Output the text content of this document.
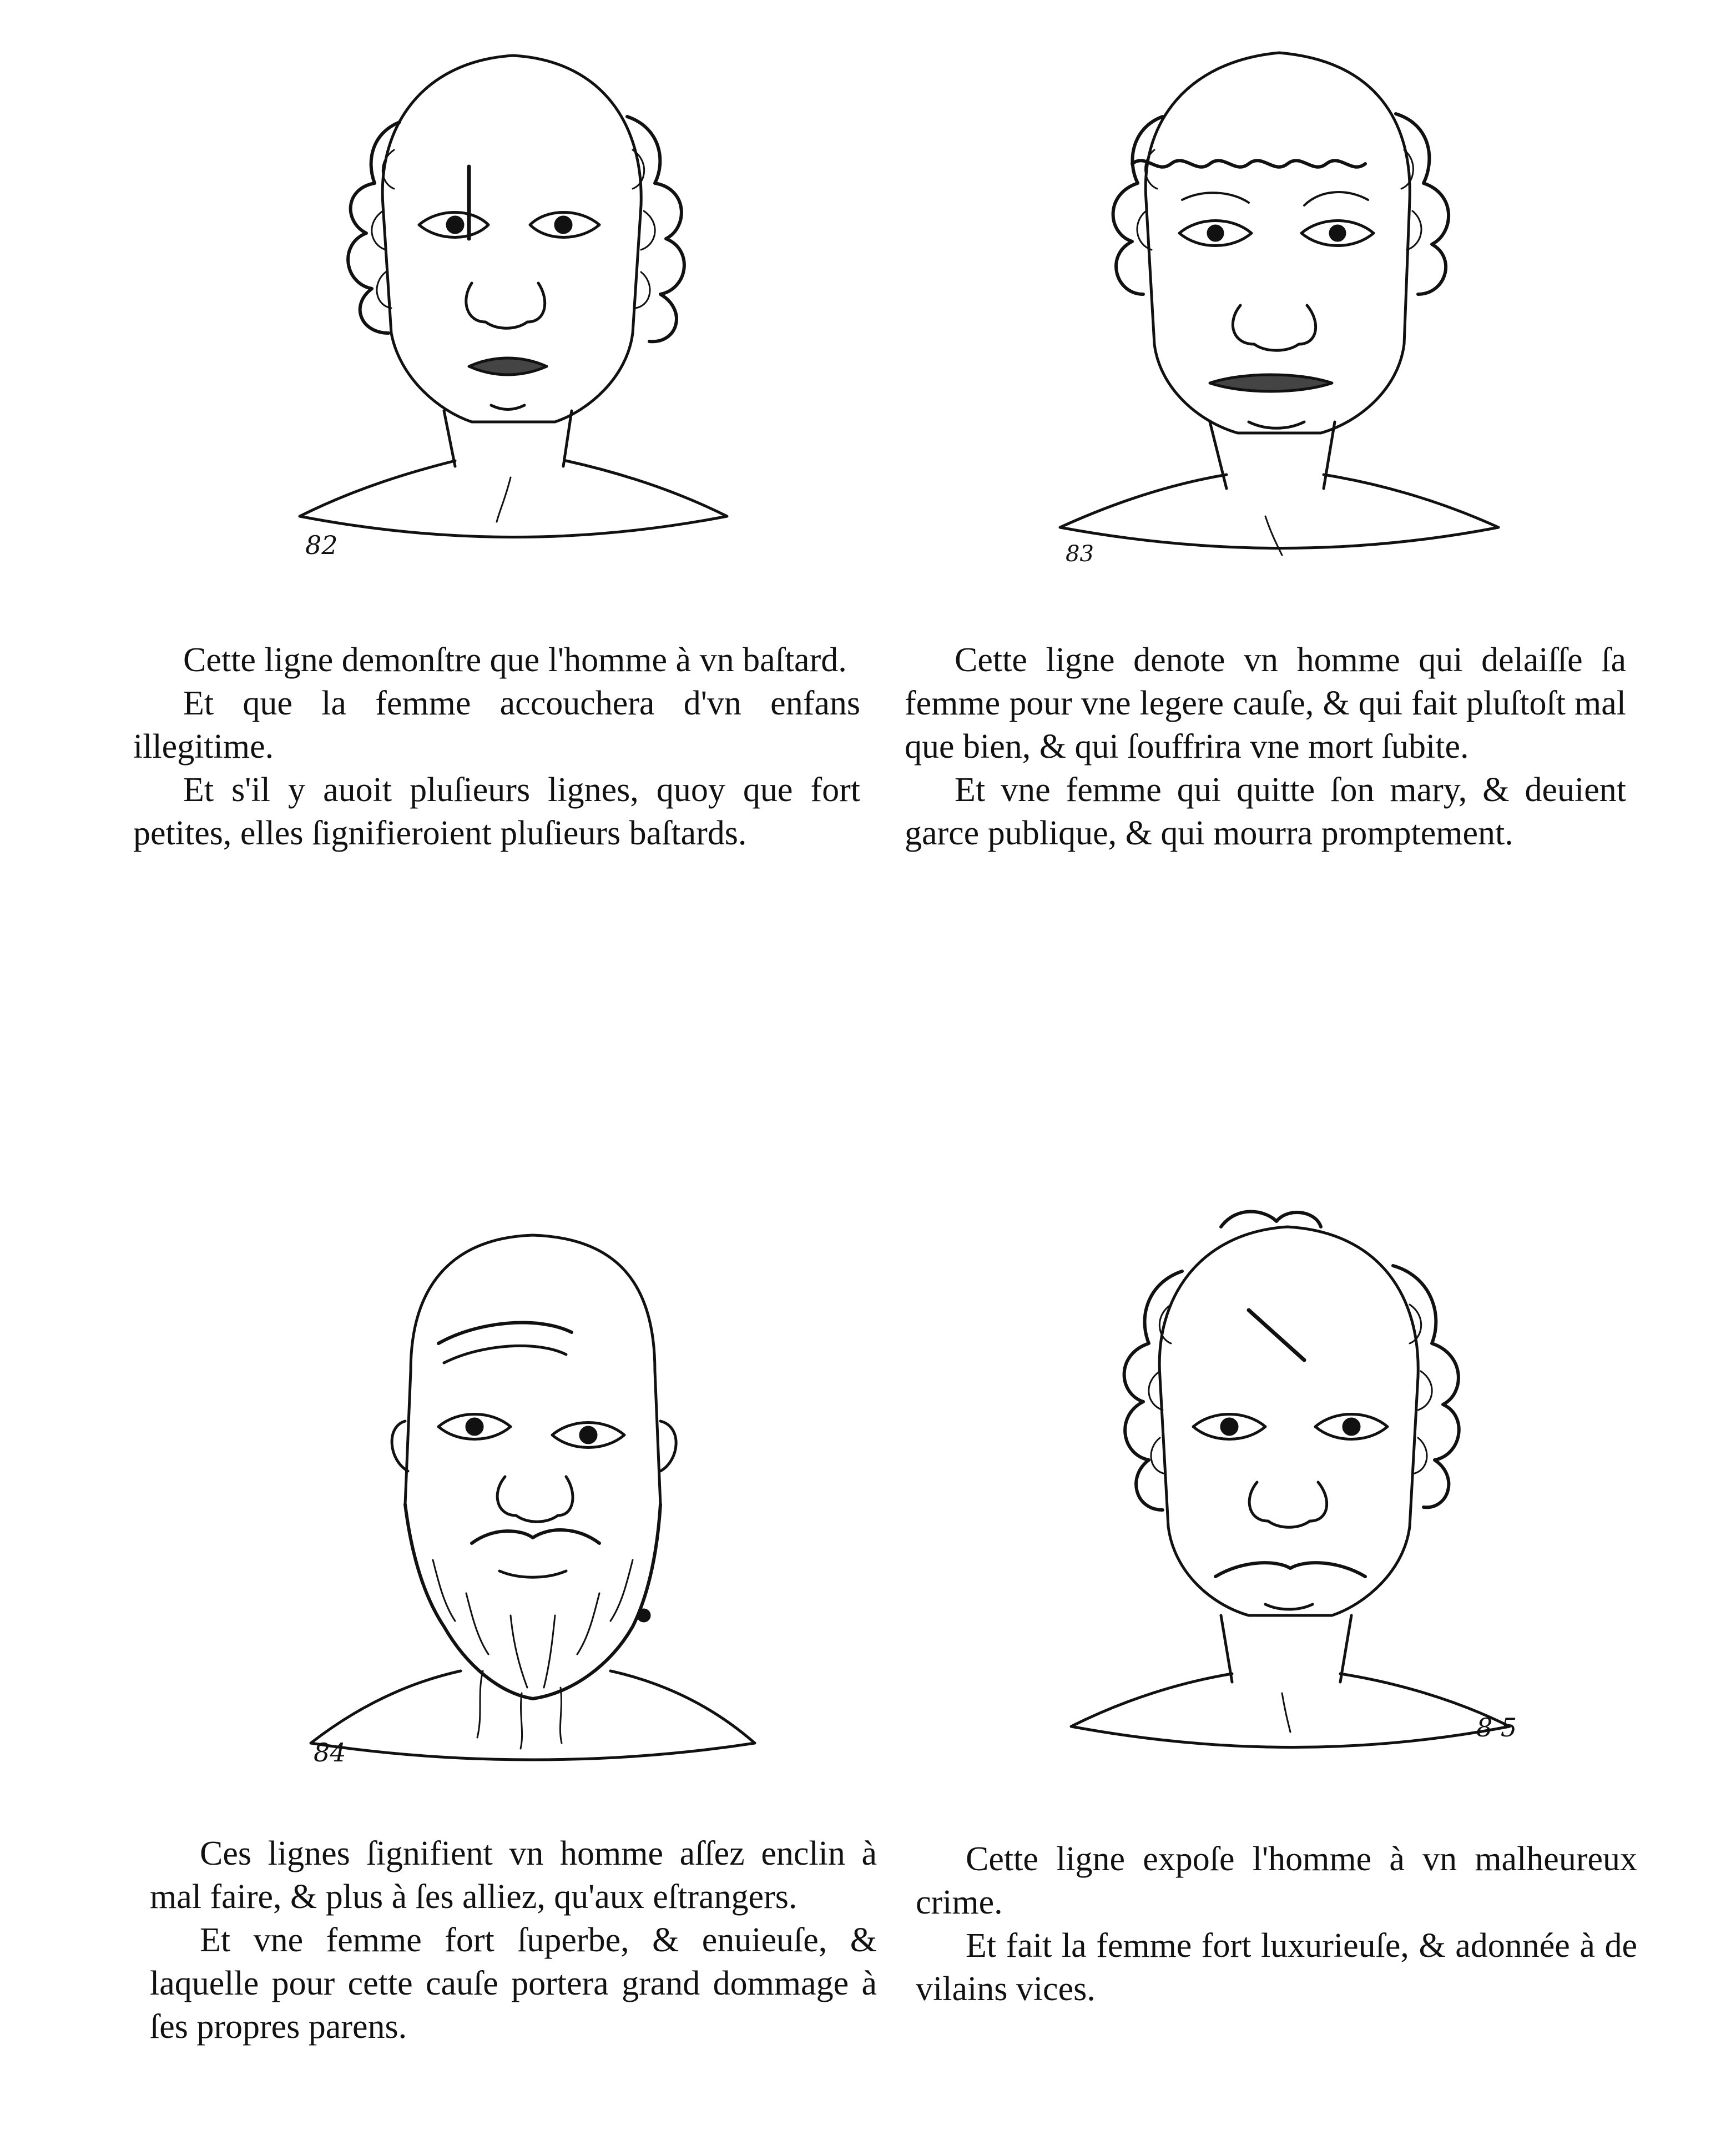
82

Cette ligne demonſtre que l'homme à vn baſtard.

Et que la femme accouchera d'vn enfans illegitime.

Et s'il y auoit pluſieurs lignes, quoy que fort petites, elles ſignifieroient pluſieurs baſtards.

83

Cette ligne denote vn homme qui delaiſſe ſa femme pour vne legere cauſe, & qui fait pluſtoſt mal que bien, & qui ſouffrira vne mort ſubite.

Et vne femme qui quitte ſon mary, & deuient garce publique, & qui mourra promptement.

84

Ces lignes ſignifient vn homme aſſez enclin à mal faire, & plus à ſes alliez, qu'aux eſtrangers.

Et vne femme fort ſuperbe, & enuieuſe, & laquelle pour cette cauſe portera grand dommage à ſes propres parens.

8 5

Cette ligne expoſe l'homme à vn malheureux crime.

Et fait la femme fort luxurieuſe, & adonnée à de vilains vices.
